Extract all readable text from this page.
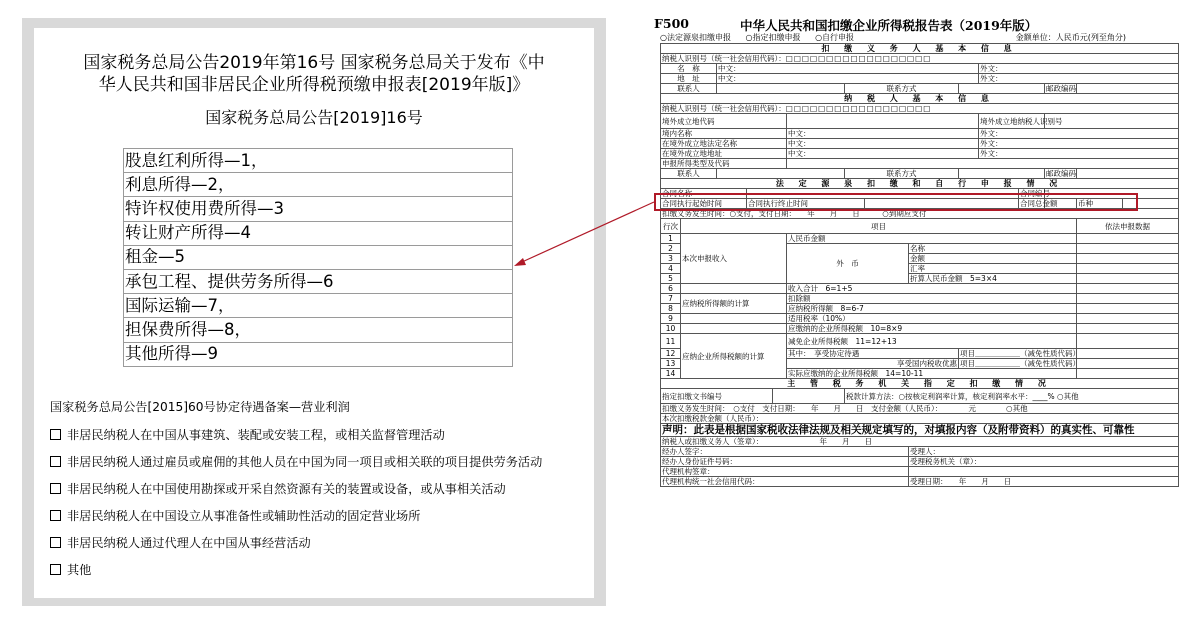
国家税务总局公告2019年第16号 国家税务总局关于发布《中
华人民共和国非居民企业所得税预缴申报表[2019年版]》
国家税务总局公告[2019]16号
股息红利所得—1，
利息所得—2，
特许权使用费所得—3
转让财产所得—4
租金—5
承包工程、提供劳务所得—6
国际运输—7，
担保费所得—8，
其他所得—9
国家税务总局公告[2015]60号协定待遇备案—营业利润
非居民纳税人在中国从事建筑、装配或安装工程，或相关监督管理活动
非居民纳税人通过雇员或雇佣的其他人员在中国为同一项目或相关联的项目提供劳务活动
非居民纳税人在中国使用勘探或开采自然资源有关的装置或设备，或从事相关活动
非居民纳税人在中国设立从事准备性或辅助性活动的固定营业场所
非居民纳税人通过代理人在中国从事经营活动
其他
F500	中华人民共和国扣缴企业所得税报告表（2019年版）
○法定源泉扣缴申报 ○指定扣缴申报 ○自行申报	金额单位：人民币元(列至角分)
扣 缴 义 务 人 基 本 信 息														
纳税人识别号（统一社会信用代码）：□□□□□□□□□□□□□□□□□□														
名　称		中文：								外文：				
地　址		中文：								外文：				
联系人						联系方式						邮政编码		
纳 税 人 基 本 信 息														
纳税人识别号（统一社会信用代码）：□□□□□□□□□□□□□□□□□□														
境外成立地代码										境外成立地纳税人识别号				
境内名称					中文：					外文：				
在境外成立地法定名称					中文：					外文：				
在境外成立地地址					中文：					外文：				
申报所得类型及代码														
联系人						联系方式						邮政编码		
法 定 源 泉 扣 缴 和 自 行 申 报 情 况														
合同名称											合同编号			
合同执行起始时间			合同执行终止时间								合同总金额		币种	
扣缴义务发生时间：○支付，支付日期：　　年　　月　　日　　　○到期应支付														
行次	项目												依法申报数据	
1	本次申报收入				人民币金额									
2					外　币			名称						
3								金额						
4								汇率						
5								折算人民币金额　5=3×4						
6					收入合计　6=1+5									
7	应纳税所得额的计算				扣除额									
8					应纳税所得额　8=6-7									
9					适用税率（10%）									
10					应缴纳的企业所得税额　10=8×9									
11	应纳企业所得税额的计算				减免企业所得税额　11=12+13									
12					其中：　享受协定待遇				项目＿＿＿＿＿＿（减免性质代码）					
13					享受国内税收优惠				项目＿＿＿＿＿＿（减免性质代码）					
14					实际应缴纳的企业所得税额　14=10-11									
主 管 税 务 机 关 指 定 扣 缴 情 况														
指定扣缴文书编号						税款计算方法：○按核定利润率计算，核定利润率水平：____% ○其他								
扣缴义务发生时间：　○支付　支付日期：　　年　　月　　日　支付金额（人民币）：　　　　元　　　　○其他														
本次扣缴税款金额（人民币）：														
声明：此表是根据国家税收法律法规及相关规定填写的，对填报内容（及附带资料）的真实性、可靠性														
纳税人或扣缴义务人（签章）：　　　　　　　　年　　月　　日														
经办人签字：								受理人：						
经办人身份证件号码：								受理税务机关（章）：						
代理机构签章：														
代理机构统一社会信用代码：								受理日期：　　年　　月　　日						
